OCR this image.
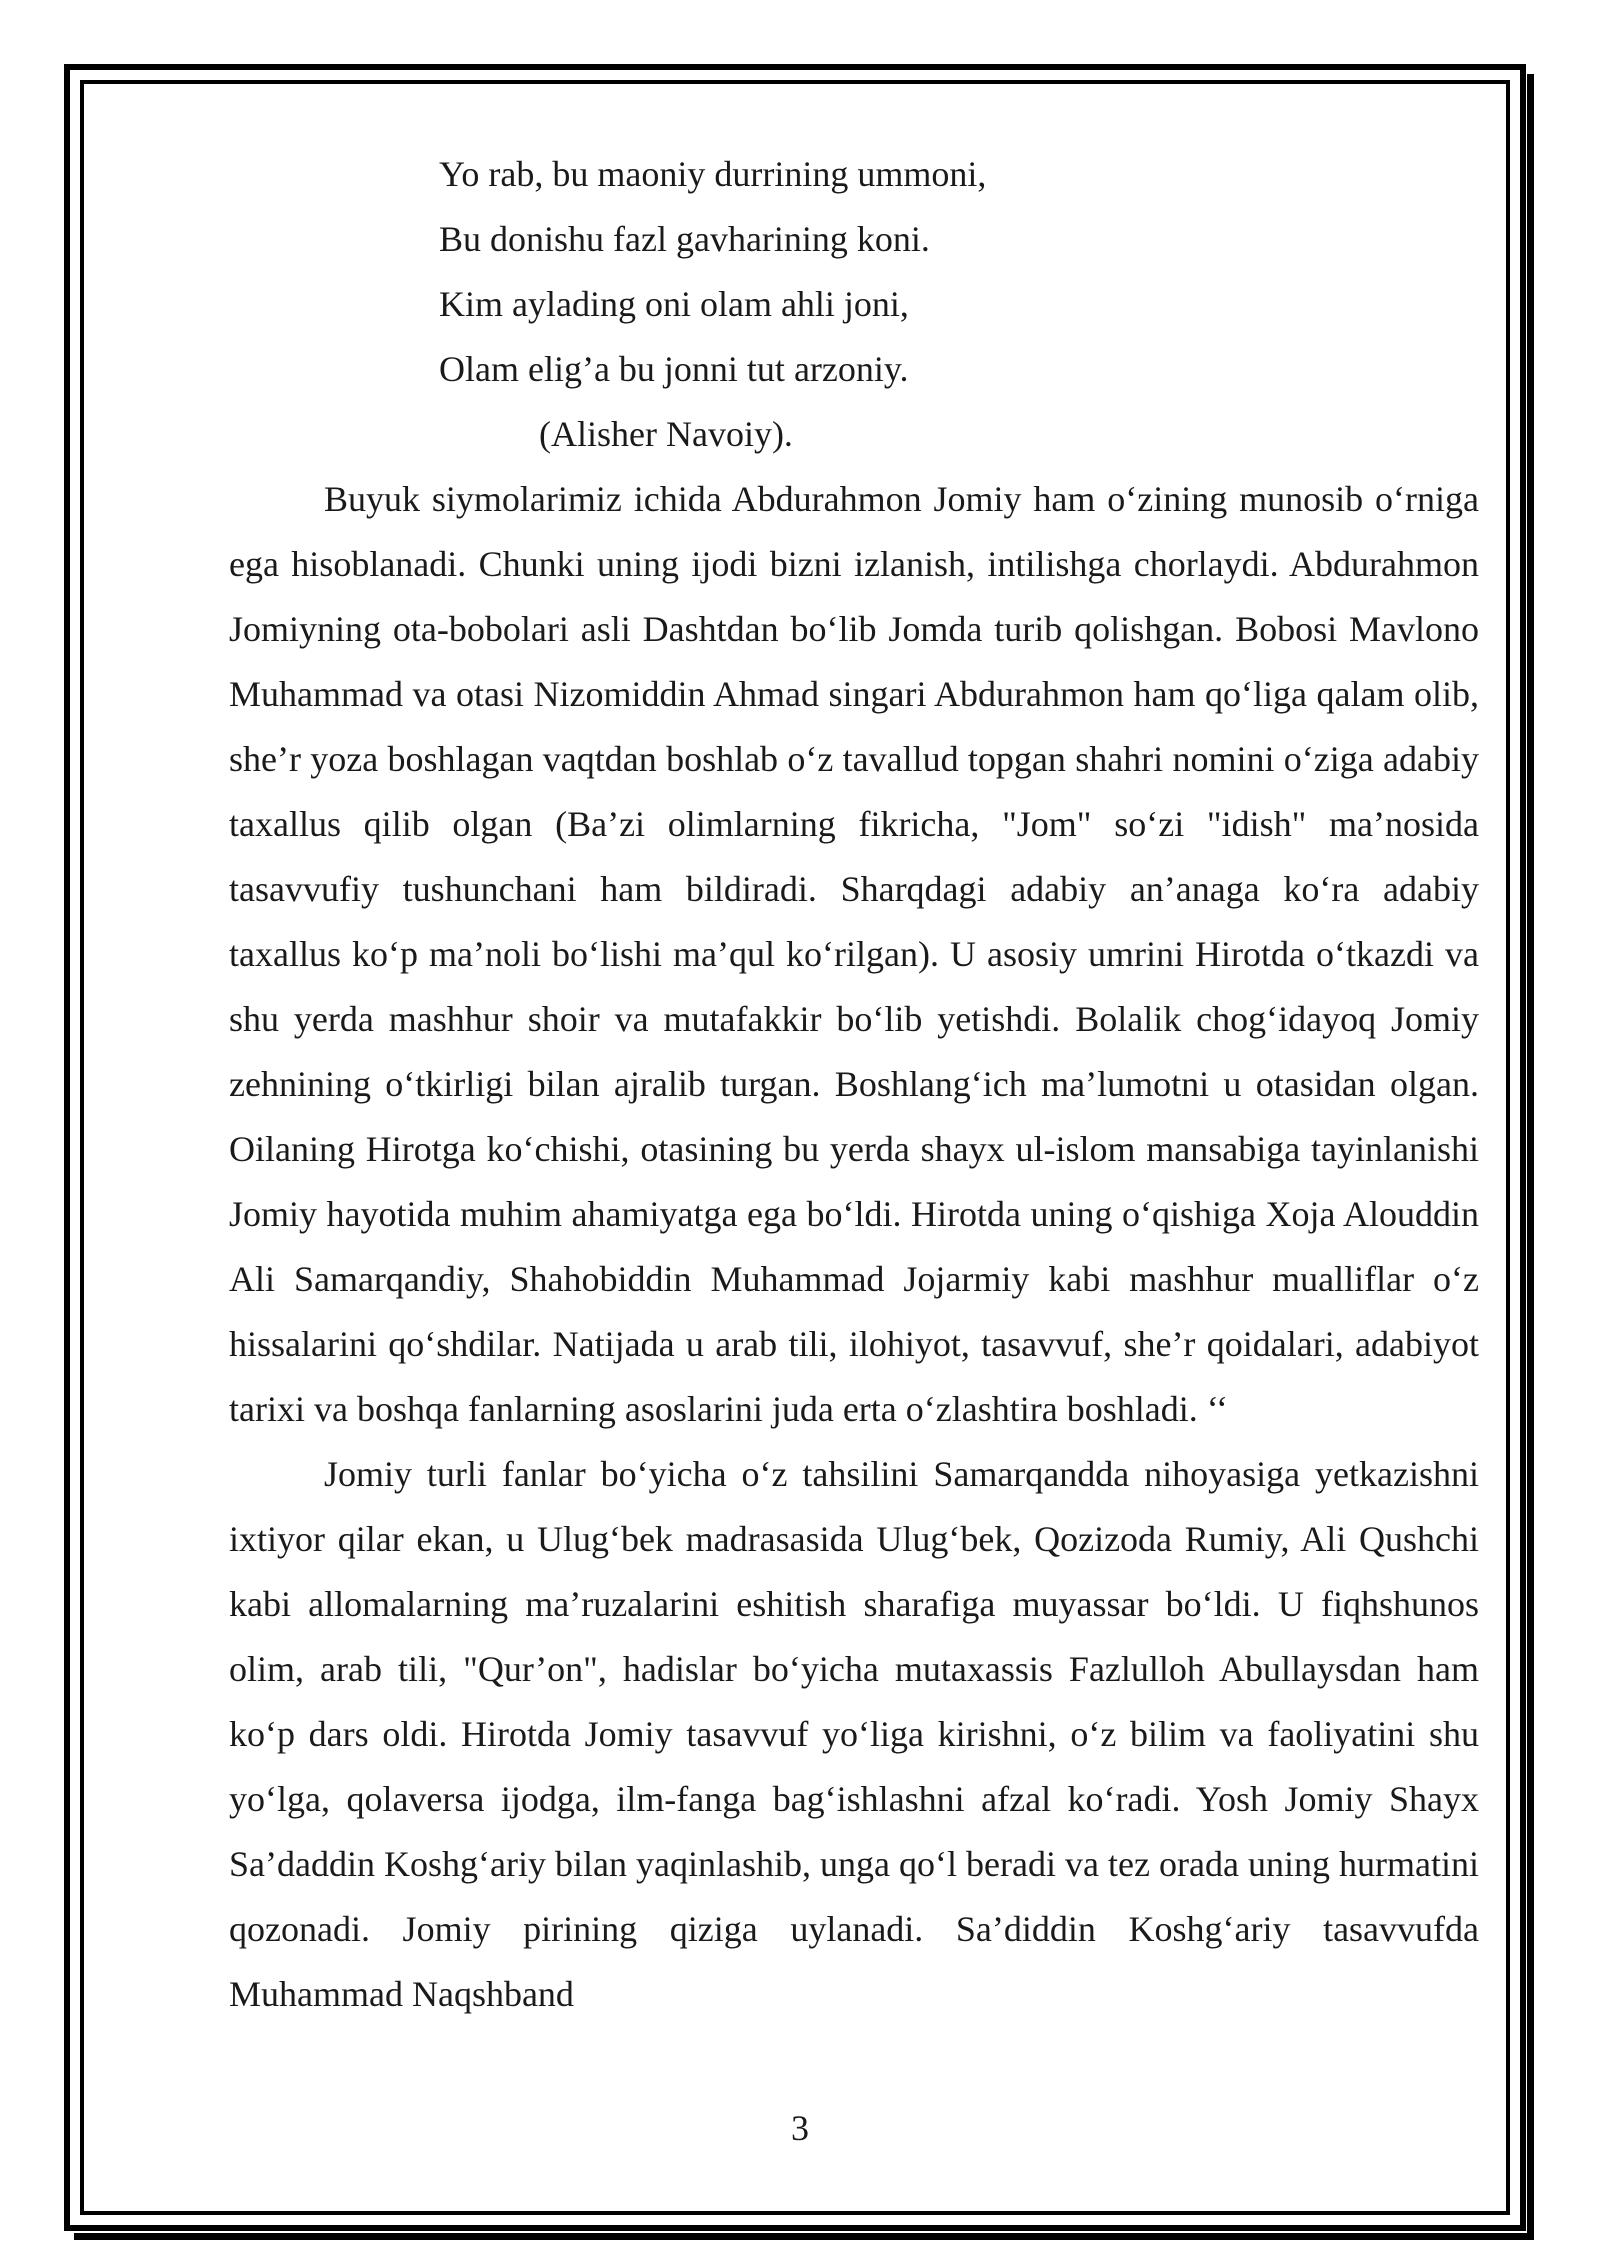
Yo rab, bu maoniy durrining ummoni,
Bu donishu fazl gavharining koni.
Kim aylading oni olam ahli joni,
Olam elig’a bu jonni tut arzoniy.
(Alisher Navoiy).

Buyuk siymolarimiz ichida Abdurahmon Jomiy ham o‘zining munosib o‘rniga ega hisoblanadi. Chunki uning ijodi bizni izlanish, intilishga chorlaydi. Abdurahmon Jomiyning ota-bobolari asli Dashtdan bo‘lib Jomda turib qolishgan. Bobosi Mavlono Muhammad va otasi Nizomiddin Ahmad singari Abdurahmon ham qo‘liga qalam olib, she’r yoza boshlagan vaqtdan boshlab o‘z tavallud topgan shahri nomini o‘ziga adabiy taxallus qilib olgan (Ba’zi olimlarning fikricha, "Jom" so‘zi "idish" ma’nosida tasavvufiy tushunchani ham bildiradi. Sharqdagi adabiy an’anaga ko‘ra adabiy taxallus ko‘p ma’noli bo‘lishi ma’qul ko‘rilgan). U asosiy umrini Hirotda o‘tkazdi va shu yerda mashhur shoir va mutafakkir bo‘lib yetishdi. Bolalik chog‘idayoq Jomiy zehnining o‘tkirligi bilan ajralib turgan. Boshlang‘ich ma’lumotni u otasidan olgan. Oilaning Hirotga ko‘chishi, otasining bu yerda shayx ul-islom mansabiga tayinlanishi Jomiy hayotida muhim ahamiyatga ega bo‘ldi. Hirotda uning o‘qishiga Xoja Alouddin Ali Samarqandiy, Shahobiddin Muhammad Jojarmiy kabi mashhur mualliflar o‘z hissalarini qo‘shdilar. Natijada u arab tili, ilohiyot, tasavvuf, she’r qoidalari, adabiyot tarixi va boshqa fanlarning asoslarini juda erta o‘zlashtira boshladi. ‘‘

Jomiy turli fanlar bo‘yicha o‘z tahsilini Samarqandda nihoyasiga yetkazishni ixtiyor qilar ekan, u Ulug‘bek madrasasida Ulug‘bek, Qozizoda Rumiy, Ali Qushchi kabi allomalarning ma’ruzalarini eshitish sharafiga muyassar bo‘ldi. U fiqhshunos olim, arab tili, "Qur’on", hadislar bo‘yicha mutaxassis Fazlulloh Abullaysdan ham ko‘p dars oldi. Hirotda Jomiy tasavvuf yo‘liga kirishni, o‘z bilim va faoliyatini shu yo‘lga, qolaversa ijodga, ilm-fanga bag‘ishlashni afzal ko‘radi. Yosh Jomiy Shayx Sa’daddin Koshg‘ariy bilan yaqinlashib, unga qo‘l beradi va tez orada uning hurmatini qozonadi. Jomiy pirining qiziga uylanadi. Sa’diddin Koshg‘ariy tasavvufda Muhammad Naqshband

3
